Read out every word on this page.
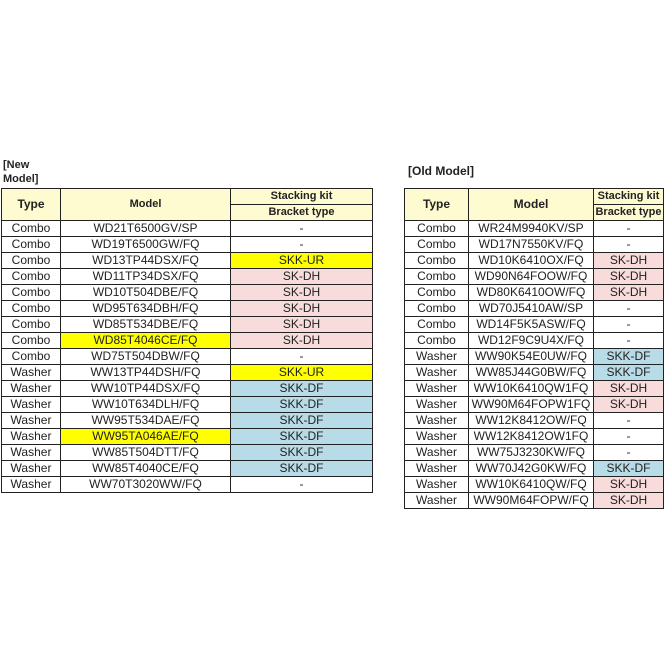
[New Model]
[Old Model]
Type	Model	Stacking kit
		Bracket type
Combo	WD21T6500GV/SP	-
Combo	WD19T6500GW/FQ	-
Combo	WD13TP44DSX/FQ	SKK-UR
Combo	WD11TP34DSX/FQ	SK-DH
Combo	WD10T504DBE/FQ	SK-DH
Combo	WD95T634DBH/FQ	SK-DH
Combo	WD85T534DBE/FQ	SK-DH
Combo	WD85T4046CE/FQ	SK-DH
Combo	WD75T504DBW/FQ	-
Washer	WW13TP44DSH/FQ	SKK-UR
Washer	WW10TP44DSX/FQ	SKK-DF
Washer	WW10T634DLH/FQ	SKK-DF
Washer	WW95T534DAE/FQ	SKK-DF
Washer	WW95TA046AE/FQ	SKK-DF
Washer	WW85T504DTT/FQ	SKK-DF
Washer	WW85T4040CE/FQ	SKK-DF
Washer	WW70T3020WW/FQ	-
Type	Model	Stacking kit
		Bracket type
Combo	WR24M9940KV/SP	-
Combo	WD17N7550KV/FQ	-
Combo	WD10K6410OX/FQ	SK-DH
Combo	WD90N64FOOW/FQ	SK-DH
Combo	WD80K6410OW/FQ	SK-DH
Combo	WD70J5410AW/SP	-
Combo	WD14F5K5ASW/FQ	-
Combo	WD12F9C9U4X/FQ	-
Washer	WW90K54E0UW/FQ	SKK-DF
Washer	WW85J44G0BW/FQ	SKK-DF
Washer	WW10K6410QW1FQ	SK-DH
Washer	WW90M64FOPW1FQ	SK-DH
Washer	WW12K8412OW/FQ	-
Washer	WW12K8412OW1FQ	-
Washer	WW75J3230KW/FQ	-
Washer	WW70J42G0KW/FQ	SKK-DF
Washer	WW10K6410QW/FQ	SK-DH
Washer	WW90M64FOPW/FQ	SK-DH
